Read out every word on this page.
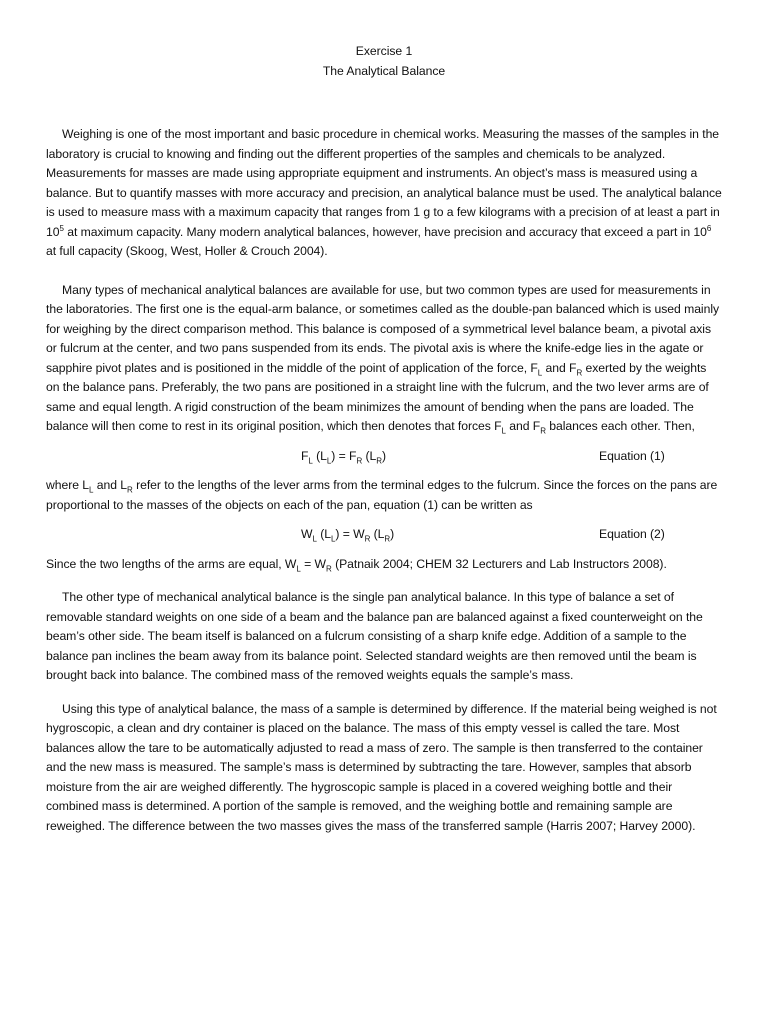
Exercise 1
The Analytical Balance

Weighing is one of the most important and basic procedure in chemical works. Measuring the masses of the samples in the laboratory is crucial to knowing and finding out the different properties of the samples and chemicals to be analyzed. Measurements for masses are made using appropriate equipment and instruments. An object’s mass is measured using a balance. But to quantify masses with more accuracy and precision, an analytical balance must be used. The analytical balance is used to measure mass with a maximum capacity that ranges from 1 g to a few kilograms with a precision of at least a part in $10^5$ at maximum capacity. Many modern analytical balances, however, have precision and accuracy that exceed a part in $10^6$ at full capacity (Skoog, West, Holler & Crouch 2004).

Many types of mechanical analytical balances are available for use, but two common types are used for measurements in the laboratories. The first one is the equal-arm balance, or sometimes called as the double-pan balanced which is used mainly for weighing by the direct comparison method. This balance is composed of a symmetrical level balance beam, a pivotal axis or fulcrum at the center, and two pans suspended from its ends. The pivotal axis is where the knife-edge lies in the agate or sapphire pivot plates and is positioned in the middle of the point of application of the force, $F_L$ and $F_R$ exerted by the weights on the balance pans. Preferably, the two pans are positioned in a straight line with the fulcrum, and the two lever arms are of same and equal length. A rigid construction of the beam minimizes the amount of bending when the pans are loaded. The balance will then come to rest in its original position, which then denotes that forces $F_L$ and $F_R$ balances each other. Then,

$F_L$ $(L_L) = F_R$ $(L_R)$	Equation (1)

where $L_L$ and $L_R$ refer to the lengths of the lever arms from the terminal edges to the fulcrum. Since the forces on the pans are proportional to the masses of the objects on each of the pan, equation (1) can be written as

$W_L$ $(L_L) = W_R$ $(L_R)$	Equation (2)

Since the two lengths of the arms are equal, $W_L = W_R$ (Patnaik 2004; CHEM 32 Lecturers and Lab Instructors 2008).

The other type of mechanical analytical balance is the single pan analytical balance. In this type of balance a set of removable standard weights on one side of a beam and the balance pan are balanced against a fixed counterweight on the beam’s other side. The beam itself is balanced on a fulcrum consisting of a sharp knife edge. Addition of a sample to the balance pan inclines the beam away from its balance point. Selected standard weights are then removed until the beam is brought back into balance. The combined mass of the removed weights equals the sample’s mass.

Using this type of analytical balance, the mass of a sample is determined by difference. If the material being weighed is not hygroscopic, a clean and dry container is placed on the balance. The mass of this empty vessel is called the tare. Most balances allow the tare to be automatically adjusted to read a mass of zero. The sample is then transferred to the container and the new mass is measured. The sample’s mass is determined by subtracting the tare. However, samples that absorb moisture from the air are weighed differently. The hygroscopic sample is placed in a covered weighing bottle and their combined mass is determined. A portion of the sample is removed, and the weighing bottle and remaining sample are reweighed. The difference between the two masses gives the mass of the transferred sample (Harris 2007; Harvey 2000).
